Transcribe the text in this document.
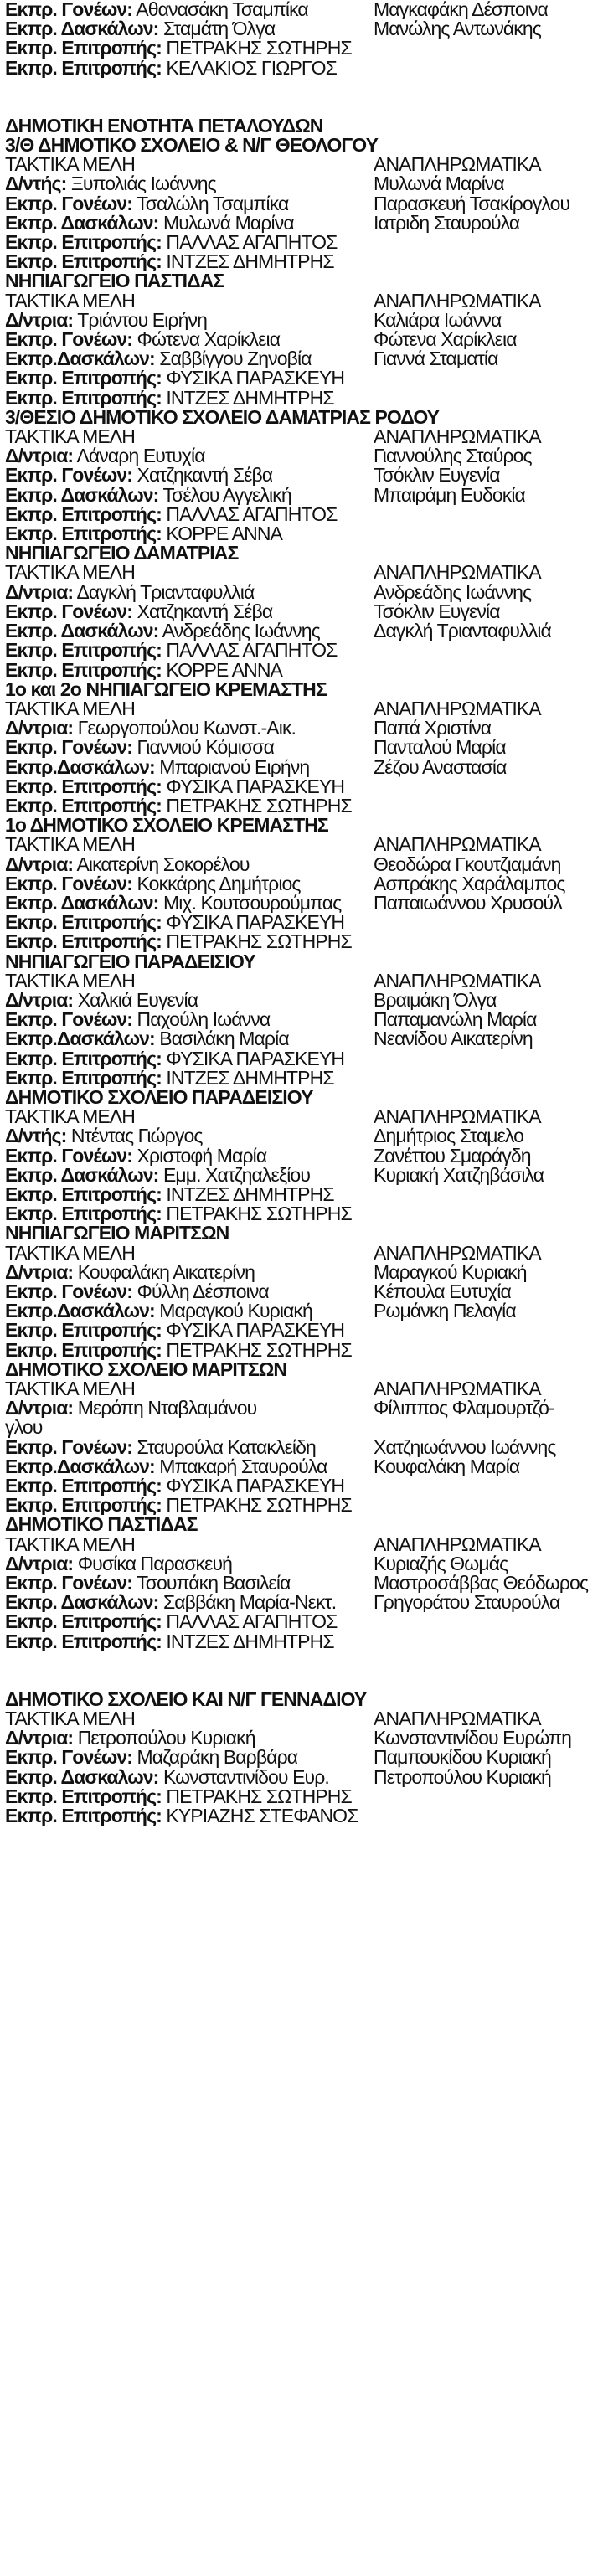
Εκπρ. Γονέων: Αθανασάκη Τσαμπίκα	Μαγκαφάκη Δέσποινα
Εκπρ. Δασκάλων: Σταμάτη Όλγα	Μανώλης Αντωνάκης
Εκπρ. Επιτροπής: ΠΕΤΡΑΚΗΣ ΣΩΤΗΡΗΣ
Εκπρ. Επιτροπής: ΚΕΛΑΚΙΟΣ ΓΙΩΡΓΟΣ
ΔΗΜΟΤΙΚΗ ΕΝΟΤΗΤΑ ΠΕΤΑΛΟΥΔΩΝ
3/Θ ΔΗΜΟΤΙΚΟ ΣΧΟΛΕΙΟ & Ν/Γ ΘΕΟΛΟΓΟΥ
ΤΑΚΤΙΚΑ ΜΕΛΗ	ΑΝΑΠΛΗΡΩΜΑΤΙΚΑ
Δ/ντής: Ξυπολιάς Ιωάννης	Μυλωνά Μαρίνα
Εκπρ. Γονέων: Τσαλώλη Τσαμπίκα	Παρασκευή Τσακίρογλου
Εκπρ. Δασκάλων: Μυλωνά Μαρίνα	Ιατριδη Σταυρούλα
Εκπρ. Επιτροπής: ΠΑΛΛΑΣ ΑΓΑΠΗΤΟΣ
Εκπρ. Επιτροπής: ΙΝΤΖΕΣ ΔΗΜΗΤΡΗΣ
ΝΗΠΙΑΓΩΓΕΙΟ ΠΑΣΤΙΔΑΣ
ΤΑΚΤΙΚΑ ΜΕΛΗ	ΑΝΑΠΛΗΡΩΜΑΤΙΚΑ
Δ/ντρια: Τριάντου Ειρήνη	Καλιάρα Ιωάννα
Εκπρ. Γονέων: Φώτενα Χαρίκλεια	Φώτενα Χαρίκλεια
Εκπρ.Δασκάλων: Σαββίγγου Ζηνοβία	Γιαννά Σταματία
Εκπρ. Επιτροπής: ΦΥΣΙΚΑ ΠΑΡΑΣΚΕΥΗ
Εκπρ. Επιτροπής: ΙΝΤΖΕΣ ΔΗΜΗΤΡΗΣ
3/ΘΕΣΙΟ ΔΗΜΟΤΙΚΟ ΣΧΟΛΕΙΟ ΔΑΜΑΤΡΙΑΣ ΡΟΔΟΥ
ΤΑΚΤΙΚΑ ΜΕΛΗ	ΑΝΑΠΛΗΡΩΜΑΤΙΚΑ
Δ/ντρια: Λάναρη Ευτυχία	Γιαννούλης Σταύρος
Εκπρ. Γονέων: Χατζηκαντή Σέβα	Τσόκλιν Ευγενία
Εκπρ. Δασκάλων: Τσέλου Αγγελική	Μπαιράμη Ευδοκία
Εκπρ. Επιτροπής: ΠΑΛΛΑΣ ΑΓΑΠΗΤΟΣ
Εκπρ. Επιτροπής: ΚΟΡΡΕ ΑΝΝΑ
ΝΗΠΙΑΓΩΓΕΙΟ ΔΑΜΑΤΡΙΑΣ
ΤΑΚΤΙΚΑ ΜΕΛΗ	ΑΝΑΠΛΗΡΩΜΑΤΙΚΑ
Δ/ντρια: Δαγκλή Τριανταφυλλιά	Ανδρεάδης Ιωάννης
Εκπρ. Γονέων: Χατζηκαντή Σέβα	Τσόκλιν Ευγενία
Εκπρ. Δασκάλων: Ανδρεάδης Ιωάννης	Δαγκλή Τριανταφυλλιά
Εκπρ. Επιτροπής: ΠΑΛΛΑΣ ΑΓΑΠΗΤΟΣ
Εκπρ. Επιτροπής: ΚΟΡΡΕ ΑΝΝΑ
1ο και 2ο ΝΗΠΙΑΓΩΓΕΙΟ ΚΡΕΜΑΣΤΗΣ
ΤΑΚΤΙΚΑ ΜΕΛΗ	ΑΝΑΠΛΗΡΩΜΑΤΙΚΑ
Δ/ντρια: Γεωργοπούλου Κωνστ.-Αικ.	Παπά Χριστίνα
Εκπρ. Γονέων: Γιαννιού Κόμισσα	Πανταλού Μαρία
Εκπρ.Δασκάλων: Μπαριανού Ειρήνη	Ζέζου Αναστασία
Εκπρ. Επιτροπής: ΦΥΣΙΚΑ ΠΑΡΑΣΚΕΥΗ
Εκπρ. Επιτροπής: ΠΕΤΡΑΚΗΣ ΣΩΤΗΡΗΣ
1ο ΔΗΜΟΤΙΚΟ ΣΧΟΛΕΙΟ ΚΡΕΜΑΣΤΗΣ
ΤΑΚΤΙΚΑ ΜΕΛΗ	ΑΝΑΠΛΗΡΩΜΑΤΙΚΑ
Δ/ντρια: Αικατερίνη Σοκορέλου	Θεοδώρα Γκουτζιαμάνη
Εκπρ. Γονέων: Κοκκάρης Δημήτριος	Ασπράκης Χαράλαμπος
Εκπρ. Δασκάλων: Μιχ. Κουτσουρούμπας	Παπαιωάννου Χρυσούλ
Εκπρ. Επιτροπής: ΦΥΣΙΚΑ ΠΑΡΑΣΚΕΥΗ
Εκπρ. Επιτροπής: ΠΕΤΡΑΚΗΣ ΣΩΤΗΡΗΣ
ΝΗΠΙΑΓΩΓΕΙΟ ΠΑΡΑΔΕΙΣΙΟΥ
ΤΑΚΤΙΚΑ ΜΕΛΗ	ΑΝΑΠΛΗΡΩΜΑΤΙΚΑ
Δ/ντρια: Χαλκιά Ευγενία	Βραιμάκη Όλγα
Εκπρ. Γονέων: Παχούλη Ιωάννα	Παπαμανώλη Μαρία
Εκπρ.Δασκάλων: Βασιλάκη Μαρία	Νεανίδου Αικατερίνη
Εκπρ. Επιτροπής: ΦΥΣΙΚΑ ΠΑΡΑΣΚΕΥΗ
Εκπρ. Επιτροπής: ΙΝΤΖΕΣ ΔΗΜΗΤΡΗΣ
ΔΗΜΟΤΙΚΟ ΣΧΟΛΕΙΟ ΠΑΡΑΔΕΙΣΙΟΥ
ΤΑΚΤΙΚΑ ΜΕΛΗ	ΑΝΑΠΛΗΡΩΜΑΤΙΚΑ
Δ/ντής: Ντέντας Γιώργος	Δημήτριος Σταμελο
Εκπρ. Γονέων: Χριστοφή Μαρία	Ζανέττου Σμαράγδη
Εκπρ. Δασκάλων: Εμμ. Χατζηαλεξίου	Κυριακή Χατζηβάσιλα
Εκπρ. Επιτροπής: ΙΝΤΖΕΣ ΔΗΜΗΤΡΗΣ
Εκπρ. Επιτροπής: ΠΕΤΡΑΚΗΣ ΣΩΤΗΡΗΣ
ΝΗΠΙΑΓΩΓΕΙΟ ΜΑΡΙΤΣΩΝ
ΤΑΚΤΙΚΑ ΜΕΛΗ	ΑΝΑΠΛΗΡΩΜΑΤΙΚΑ
Δ/ντρια: Κουφαλάκη Αικατερίνη	Μαραγκού Κυριακή
Εκπρ. Γονέων: Φύλλη Δέσποινα	Κέπουλα Ευτυχία
Εκπρ.Δασκάλων: Μαραγκού Κυριακή	Ρωμάνκη Πελαγία
Εκπρ. Επιτροπής: ΦΥΣΙΚΑ ΠΑΡΑΣΚΕΥΗ
Εκπρ. Επιτροπής: ΠΕΤΡΑΚΗΣ ΣΩΤΗΡΗΣ
ΔΗΜΟΤΙΚΟ ΣΧΟΛΕΙΟ ΜΑΡΙΤΣΩΝ
ΤΑΚΤΙΚΑ ΜΕΛΗ	ΑΝΑΠΛΗΡΩΜΑΤΙΚΑ
Δ/ντρια: Μερόπη Νταβλαμάνου	Φίλιππος Φλαμουρτζό-
γλου
Εκπρ. Γονέων: Σταυρούλα Κατακλείδη	Χατζηιωάννου Ιωάννης
Εκπρ.Δασκάλων: Μπακαρή Σταυρούλα	Κουφαλάκη Μαρία
Εκπρ. Επιτροπής: ΦΥΣΙΚΑ ΠΑΡΑΣΚΕΥΗ
Εκπρ. Επιτροπής: ΠΕΤΡΑΚΗΣ ΣΩΤΗΡΗΣ
ΔΗΜΟΤΙΚΟ ΠΑΣΤΙΔΑΣ
ΤΑΚΤΙΚΑ ΜΕΛΗ	ΑΝΑΠΛΗΡΩΜΑΤΙΚΑ
Δ/ντρια: Φυσίκα Παρασκευή	Κυριαζής Θωμάς
Εκπρ. Γονέων: Τσουπάκη Βασιλεία	Μαστροσάββας Θεόδωρος
Εκπρ. Δασκάλων: Σαββάκη Μαρία-Νεκτ.	Γρηγοράτου Σταυρούλα
Εκπρ. Επιτροπής: ΠΑΛΛΑΣ ΑΓΑΠΗΤΟΣ
Εκπρ. Επιτροπής: ΙΝΤΖΕΣ ΔΗΜΗΤΡΗΣ
ΔΗΜΟΤΙΚΟ ΣΧΟΛΕΙΟ ΚΑΙ Ν/Γ ΓΕΝΝΑΔΙΟΥ
ΤΑΚΤΙΚΑ ΜΕΛΗ	ΑΝΑΠΛΗΡΩΜΑΤΙΚΑ
Δ/ντρια: Πετροπούλου Κυριακή	Κωνσταντινίδου Ευρώπη
Εκπρ. Γονέων: Μαζαράκη Βαρβάρα	Παμπουκίδου Κυριακή
Εκπρ. Δασκαλων: Κωνσταντινίδου Ευρ.	Πετροπούλου Κυριακή
Εκπρ. Επιτροπής: ΠΕΤΡΑΚΗΣ ΣΩΤΗΡΗΣ
Εκπρ. Επιτροπής: ΚΥΡΙΑΖΗΣ ΣΤΕΦΑΝΟΣ
